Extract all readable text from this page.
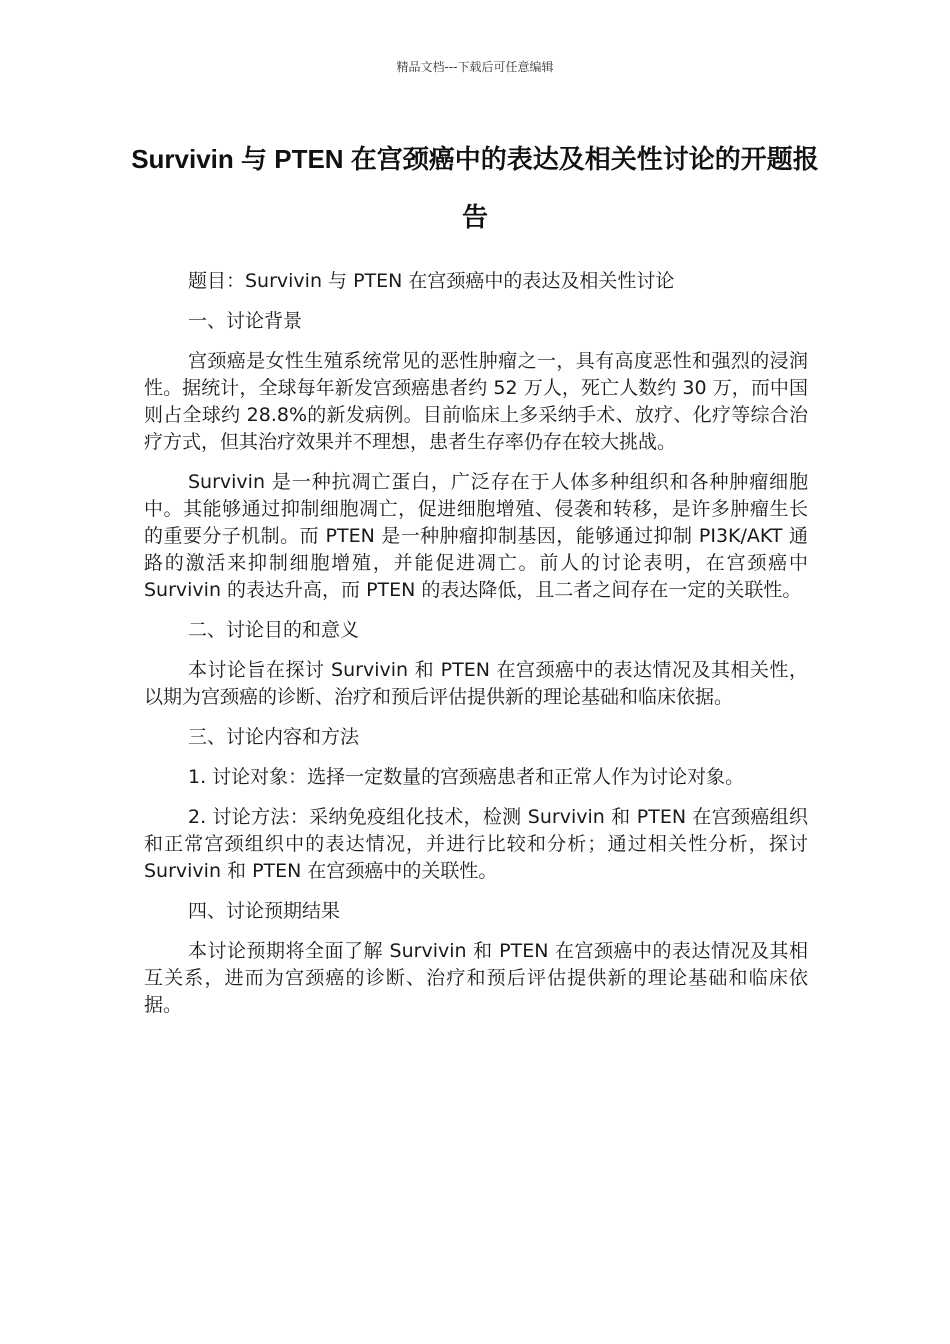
精品文档---下载后可任意编辑
Survivin 与 PTEN 在宫颈癌中的表达及相关性讨论的开题报告

题目：Survivin 与 PTEN 在宫颈癌中的表达及相关性讨论

一、讨论背景

宫颈癌是女性生殖系统常见的恶性肿瘤之一，具有高度恶性和强烈的浸润性。据统计，全球每年新发宫颈癌患者约 52 万人，死亡人数约 30 万，而中国则占全球约 28.8%的新发病例。目前临床上多采纳手术、放疗、化疗等综合治疗方式，但其治疗效果并不理想，患者生存率仍存在较大挑战。

Survivin 是一种抗凋亡蛋白，广泛存在于人体多种组织和各种肿瘤细胞中。其能够通过抑制细胞凋亡，促进细胞增殖、侵袭和转移，是许多肿瘤生长的重要分子机制。而 PTEN 是一种肿瘤抑制基因，能够通过抑制 PI3K/AKT 通路的激活来抑制细胞增殖，并能促进凋亡。前人的讨论表明，在宫颈癌中 Survivin 的表达升高，而 PTEN 的表达降低，且二者之间存在一定的关联性。

二、讨论目的和意义

本讨论旨在探讨 Survivin 和 PTEN 在宫颈癌中的表达情况及其相关性，以期为宫颈癌的诊断、治疗和预后评估提供新的理论基础和临床依据。

三、讨论内容和方法

1. 讨论对象：选择一定数量的宫颈癌患者和正常人作为讨论对象。

2. 讨论方法：采纳免疫组化技术，检测 Survivin 和 PTEN 在宫颈癌组织和正常宫颈组织中的表达情况，并进行比较和分析；通过相关性分析，探讨 Survivin 和 PTEN 在宫颈癌中的关联性。

四、讨论预期结果

本讨论预期将全面了解 Survivin 和 PTEN 在宫颈癌中的表达情况及其相互关系，进而为宫颈癌的诊断、治疗和预后评估提供新的理论基础和临床依据。
